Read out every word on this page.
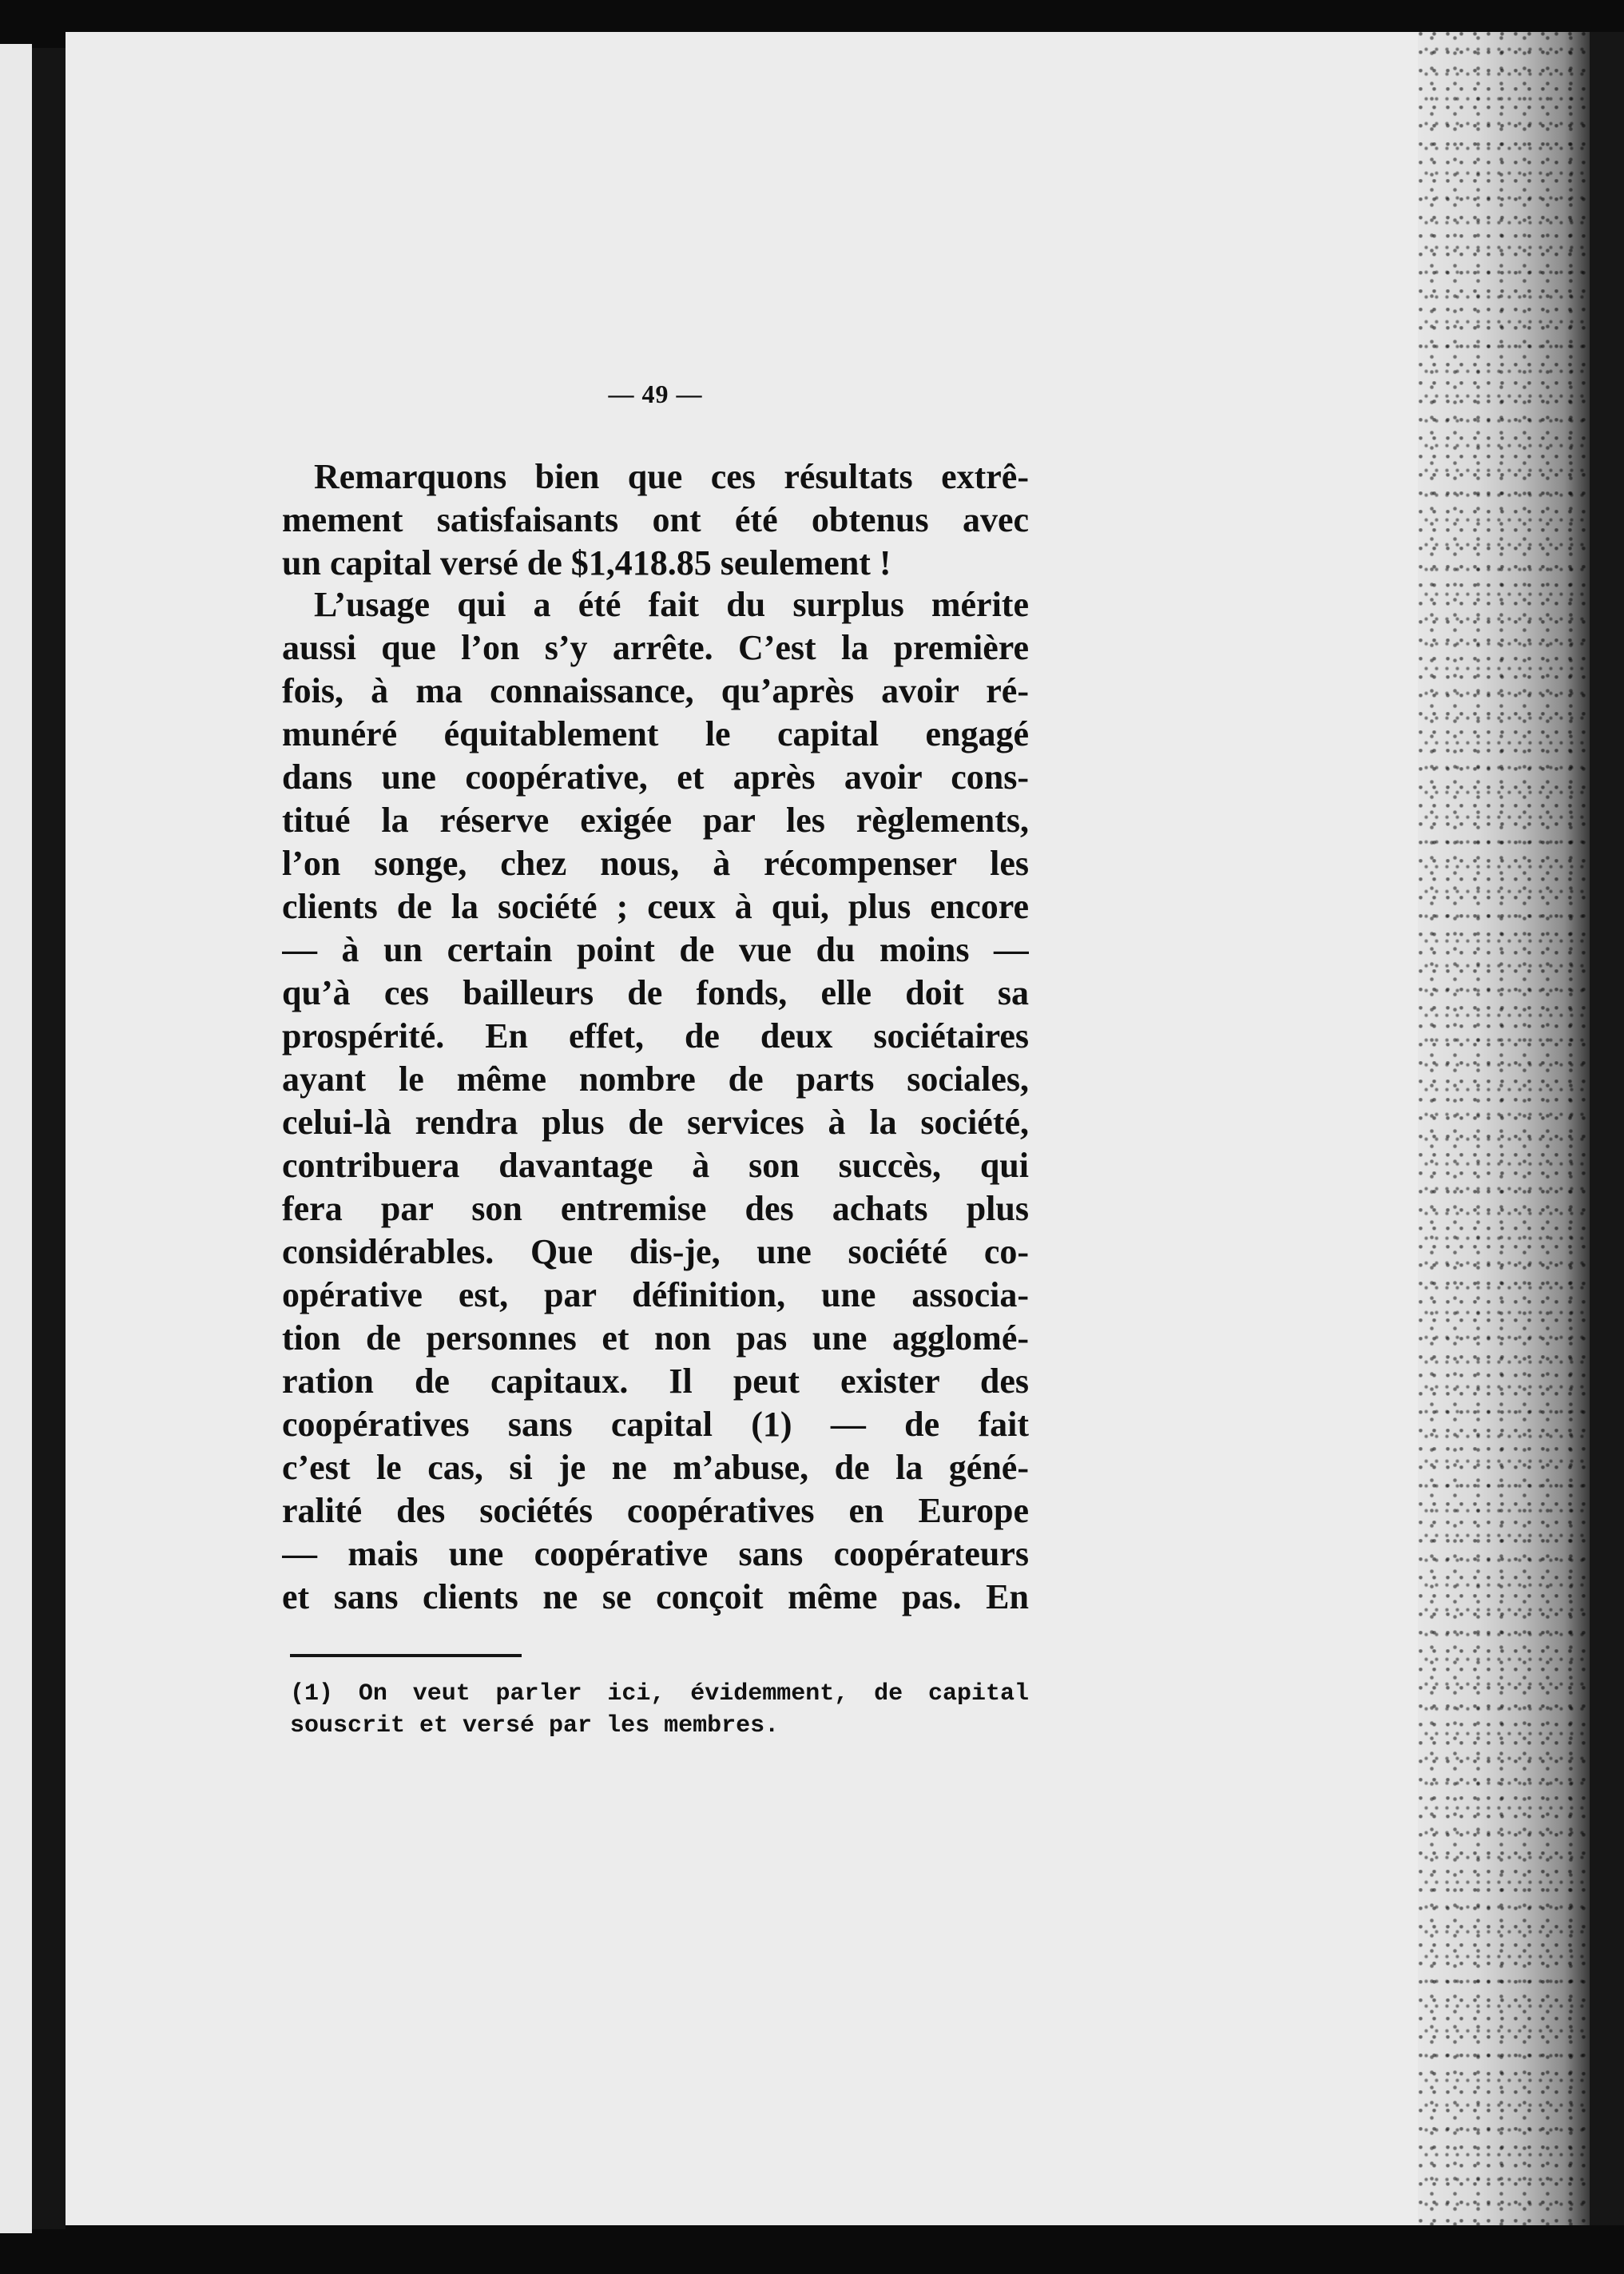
— 49 —
Remarquons bien que ces résultats extrê-
mement satisfaisants ont été obtenus avec
un capital versé de $1,418.85 seulement !
L’usage qui a été fait du surplus mérite
aussi que l’on s’y arrête. C’est la première
fois, à ma connaissance, qu’après avoir ré-
munéré équitablement le capital engagé
dans une coopérative, et après avoir cons-
titué la réserve exigée par les règlements,
l’on songe, chez nous, à récompenser les
clients de la société ; ceux à qui, plus encore
— à un certain point de vue du moins —
qu’à ces bailleurs de fonds, elle doit sa
prospérité. En effet, de deux sociétaires
ayant le même nombre de parts sociales,
celui-là rendra plus de services à la société,
contribuera davantage à son succès, qui
fera par son entremise des achats plus
considérables. Que dis-je, une société co-
opérative est, par définition, une associa-
tion de personnes et non pas une agglomé-
ration de capitaux. Il peut exister des
coopératives sans capital (1) — de fait
c’est le cas, si je ne m’abuse, de la géné-
ralité des sociétés coopératives en Europe
— mais une coopérative sans coopérateurs
et sans clients ne se conçoit même pas. En
(1) On veut parler ici, évidemment, de capital
souscrit et versé par les membres.
